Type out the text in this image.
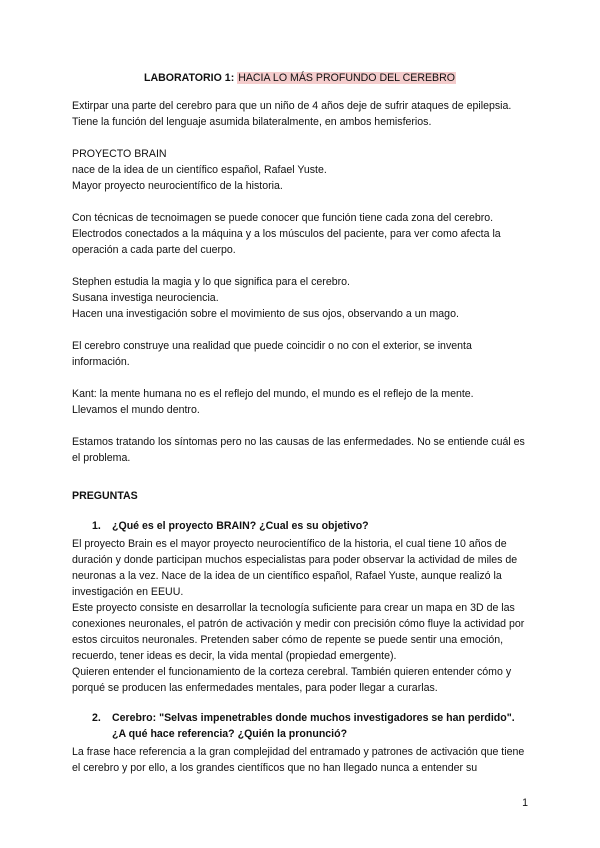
LABORATORIO 1: HACIA LO MÁS PROFUNDO DEL CEREBRO
Extirpar una parte del cerebro para que un niño de 4 años deje de sufrir ataques de epilepsia.
Tiene la función del lenguaje asumida bilateralmente, en ambos hemisferios.
PROYECTO BRAIN
nace de la idea de un científico español, Rafael Yuste.
Mayor proyecto neurocientífico de la historia.
Con técnicas de tecnoimagen se puede conocer que función tiene cada zona del cerebro.
Electrodos conectados a la máquina y a los músculos del paciente, para ver como afecta la operación a cada parte del cuerpo.
Stephen estudia la magia y lo que significa para el cerebro.
Susana investiga neurociencia.
Hacen una investigación sobre el movimiento de sus ojos, observando a un mago.
El cerebro construye una realidad que puede coincidir o no con el exterior, se inventa información.
Kant: la mente humana no es el reflejo del mundo, el mundo es el reflejo de la mente.
Llevamos el mundo dentro.
Estamos tratando los síntomas pero no las causas de las enfermedades. No se entiende cuál es el problema.
PREGUNTAS
1.	¿Qué es el proyecto BRAIN? ¿Cual es su objetivo?
El proyecto Brain es el mayor proyecto neurocientífico de la historia, el cual tiene 10 años de duración y donde participan muchos especialistas para poder observar la actividad de miles de neuronas a la vez. Nace de la idea de un científico español, Rafael Yuste, aunque realizó la investigación en EEUU.
Este proyecto consiste en desarrollar la tecnología suficiente para crear un mapa en 3D de las conexiones neuronales, el patrón de activación y medir con precisión cómo fluye la actividad por estos circuitos neuronales. Pretenden saber cómo de repente se puede sentir una emoción, recuerdo, tener ideas es decir, la vida mental (propiedad emergente).
Quieren entender el funcionamiento de la corteza cerebral. También quieren entender cómo y porqué se producen las enfermedades mentales, para poder llegar a curarlas.
2.	Cerebro: "Selvas impenetrables donde muchos investigadores se han perdido". ¿A qué hace referencia? ¿Quién la pronunció?
La frase hace referencia a la gran complejidad del entramado y patrones de activación que tiene el cerebro y por ello, a los grandes científicos que no han llegado nunca a entender su
1
